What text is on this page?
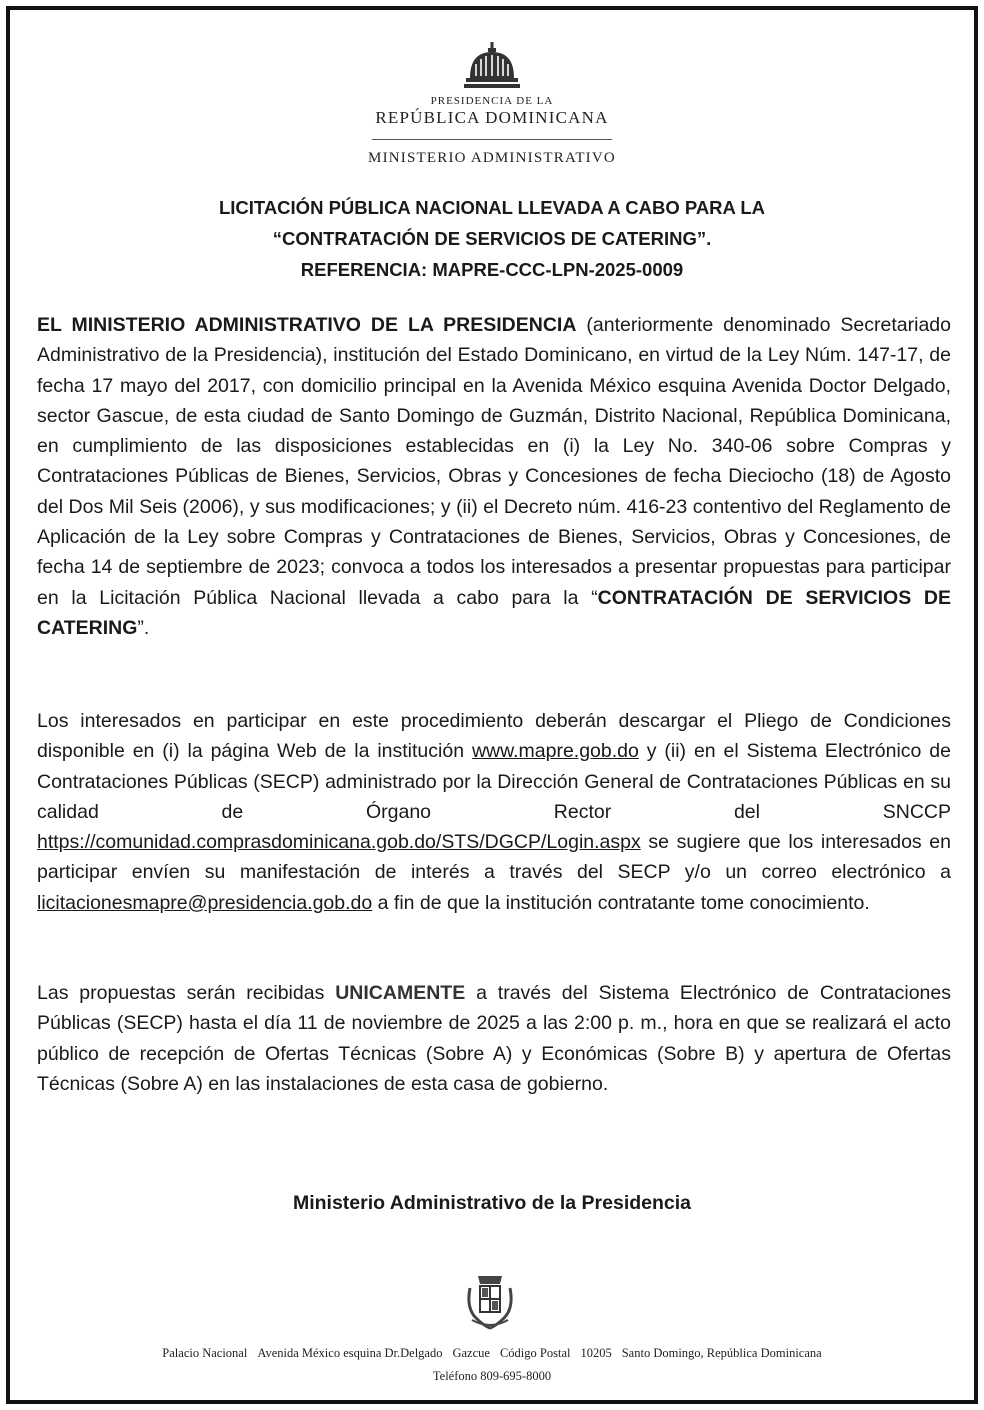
PRESIDENCIA DE LA
REPÚBLICA DOMINICANA
MINISTERIO ADMINISTRATIVO
LICITACIÓN PÚBLICA NACIONAL LLEVADA A CABO PARA LA
“CONTRATACIÓN DE SERVICIOS DE CATERING”.
REFERENCIA: MAPRE-CCC-LPN-2025-0009
EL MINISTERIO ADMINISTRATIVO DE LA PRESIDENCIA (anteriormente denominado Secretariado Administrativo de la Presidencia), institución del Estado Dominicano, en virtud de la Ley Núm. 147-17, de fecha 17 mayo del 2017, con domicilio principal en la Avenida México esquina Avenida Doctor Delgado, sector Gascue, de esta ciudad de Santo Domingo de Guzmán, Distrito Nacional, República Dominicana, en cumplimiento de las disposiciones establecidas en (i) la Ley No. 340-06 sobre Compras y Contrataciones Públicas de Bienes, Servicios, Obras y Concesiones de fecha Dieciocho (18) de Agosto del Dos Mil Seis (2006), y sus modificaciones; y (ii) el Decreto núm. 416-23 contentivo del Reglamento de Aplicación de la Ley sobre Compras y Contrataciones de Bienes, Servicios, Obras y Concesiones, de fecha 14 de septiembre de 2023; convoca a todos los interesados a presentar propuestas para participar en la Licitación Pública Nacional llevada a cabo para la “CONTRATACIÓN DE SERVICIOS DE CATERING”.
Los interesados en participar en este procedimiento deberán descargar el Pliego de Condiciones disponible en (i) la página Web de la institución www.mapre.gob.do y (ii) en el Sistema Electrónico de Contrataciones Públicas (SECP) administrado por la Dirección General de Contrataciones Públicas en su calidad de Órgano Rector del SNCCP https://comunidad.comprasdominicana.gob.do/STS/DGCP/Login.aspx se sugiere que los interesados en participar envíen su manifestación de interés a través del SECP y/o un correo electrónico a licitacionesmapre@presidencia.gob.do a fin de que la institución contratante tome conocimiento.
Las propuestas serán recibidas UNICAMENTE a través del Sistema Electrónico de Contrataciones Públicas (SECP) hasta el día 11 de noviembre de 2025 a las 2:00 p. m., hora en que se realizará el acto público de recepción de Ofertas Técnicas (Sobre A) y Económicas (Sobre B) y apertura de Ofertas Técnicas (Sobre A) en las instalaciones de esta casa de gobierno.
Ministerio Administrativo de la Presidencia
Palacio Nacional Avenida México esquina Dr.Delgado Gazcue Código Postal 10205 Santo Domingo, República Dominicana
Teléfono 809-695-8000
